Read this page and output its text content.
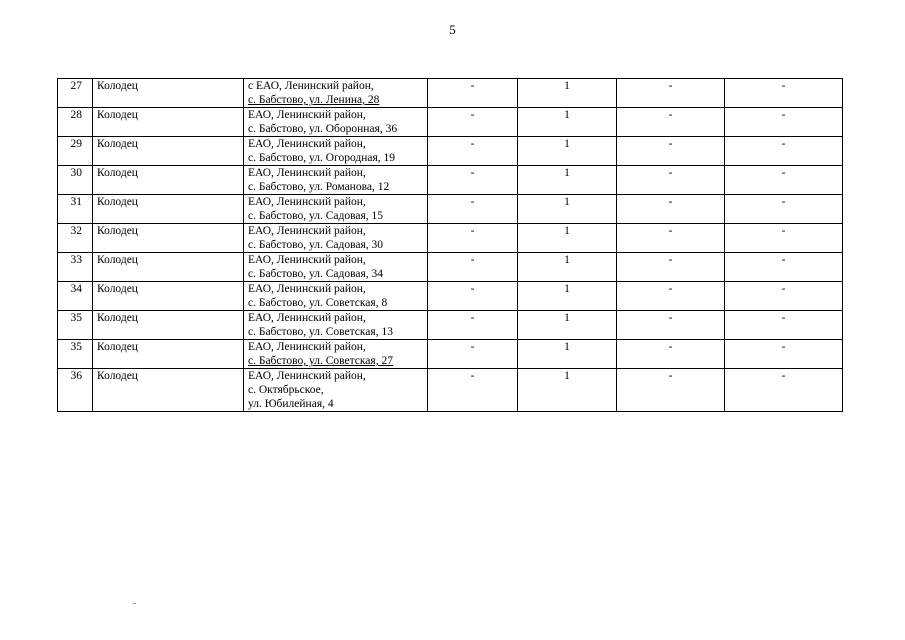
5
27	Колодец	с ЕАО, Ленинский район,
с. Бабстово, ул. Ленина, 28	-	1	-	-
28	Колодец	ЕАО, Ленинский район,
с. Бабстово, ул. Оборонная, 36	-	1	-	-
29	Колодец	ЕАО, Ленинский район,
с. Бабстово, ул. Огородная, 19	-	1	-	-
30	Колодец	ЕАО, Ленинский район,
с. Бабстово, ул. Романова, 12	-	1	-	-
31	Колодец	ЕАО, Ленинский район,
с. Бабстово, ул. Садовая, 15	-	1	-	-
32	Колодец	ЕАО, Ленинский район,
с. Бабстово, ул. Садовая, 30	-	1	-	-
33	Колодец	ЕАО, Ленинский район,
с. Бабстово, ул. Садовая, 34	-	1	-	-
34	Колодец	ЕАО, Ленинский район,
с. Бабстово, ул. Советская, 8	-	1	-	-
35	Колодец	ЕАО, Ленинский район,
с. Бабстово, ул. Советская, 13	-	1	-	-
35	Колодец	ЕАО, Ленинский район,
с. Бабстово, ул. Советская, 27	-	1	-	-
36	Колодец	ЕАО, Ленинский район,
с. Октябрьское,
ул. Юбилейная, 4	-	1	-	-
